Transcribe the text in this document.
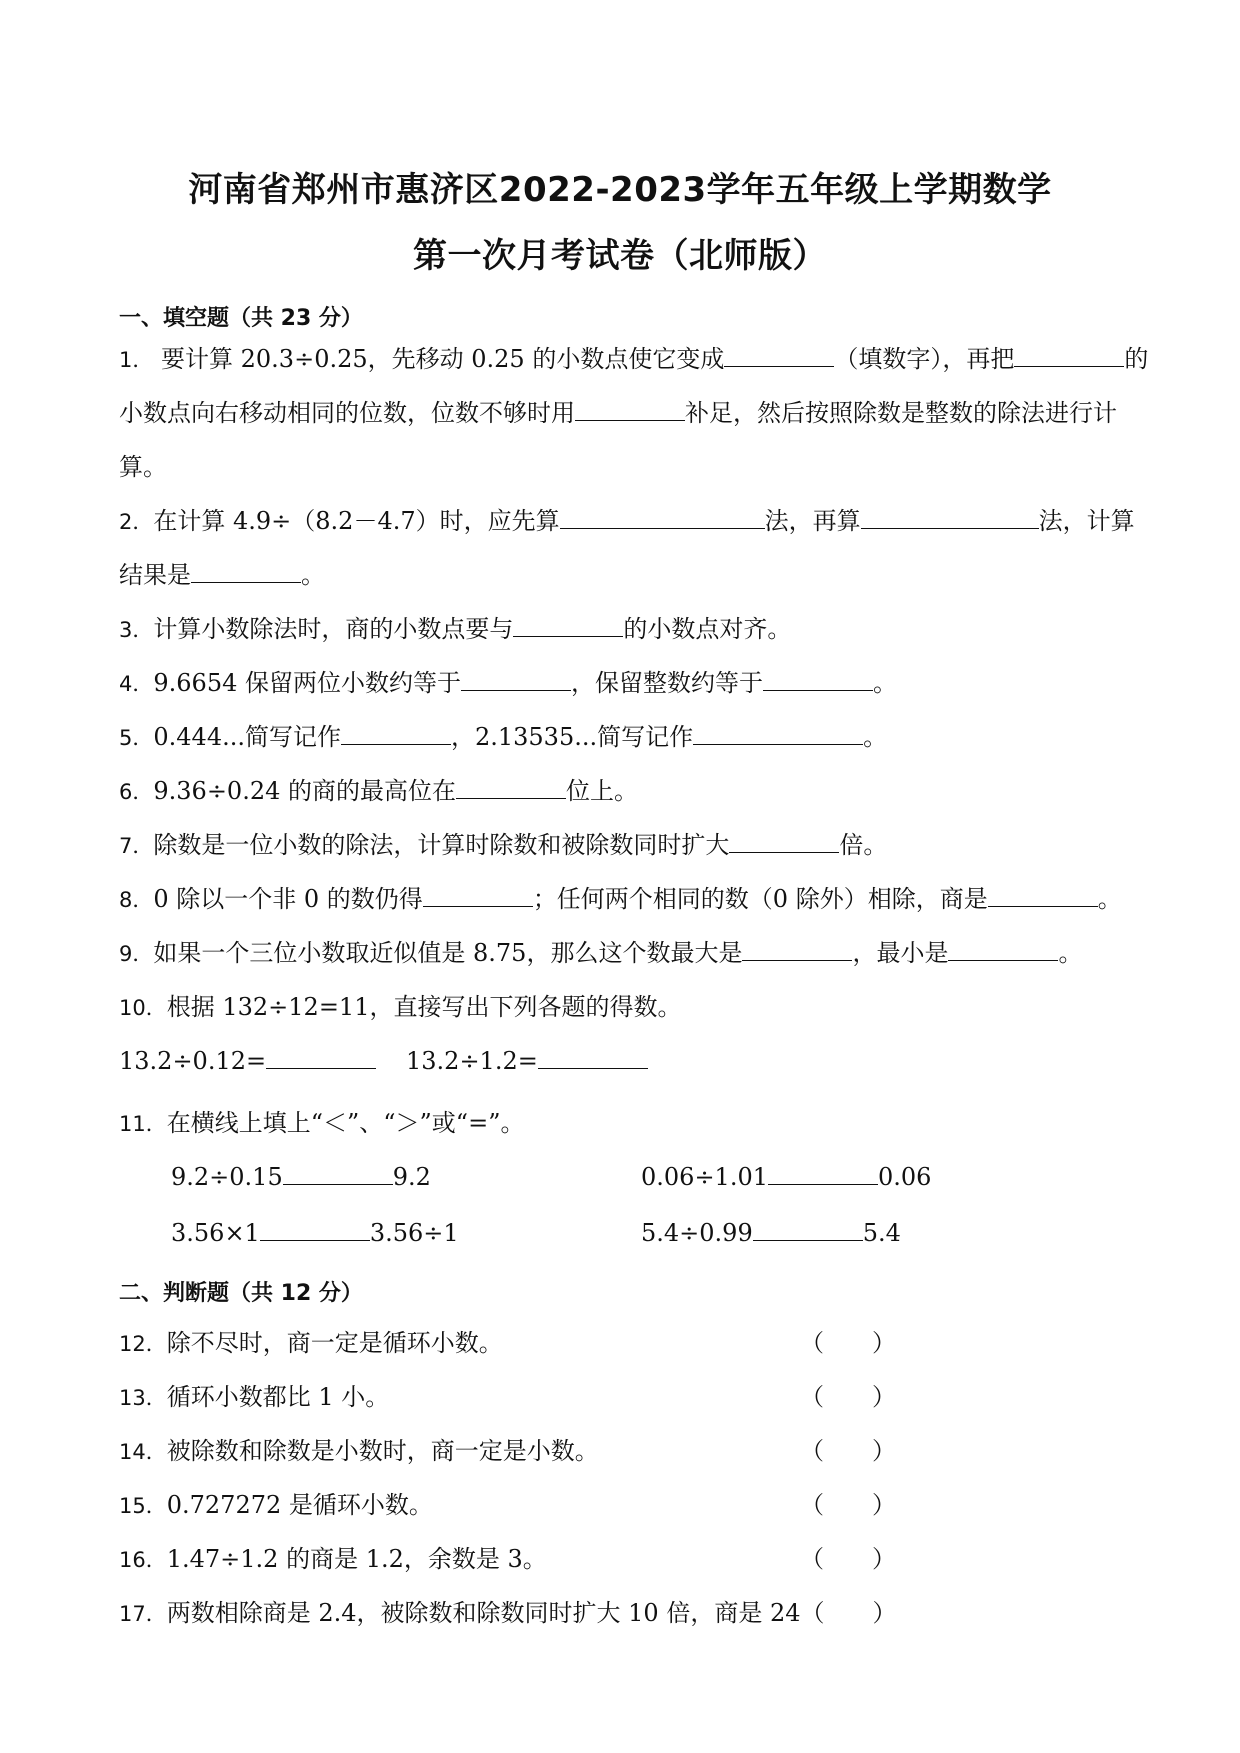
河南省郑州市惠济区2022-2023学年五年级上学期数学
第一次月考试卷（北师版）
一、填空题（共 23 分）
1． 要计算 20.3÷0.25，先移动 0.25 的小数点使它变成	（填数字），再把	的
小数点向右移动相同的位数，位数不够时用	补足，然后按照除数是整数的除法进行计
算。
2．在计算 4.9÷（8.2－4.7）时，应先算	法，再算	法，计算
结果是	。
3．计算小数除法时，商的小数点要与	的小数点对齐。
4．9.6654 保留两位小数约等于	，保留整数约等于	。
5．0.444...简写记作	，2.13535...简写记作	。
6．9.36÷0.24 的商的最高位在	位上。
7．除数是一位小数的除法，计算时除数和被除数同时扩大	倍。
8．0 除以一个非 0 的数仍得	；任何两个相同的数（0 除外）相除，商是	。
9．如果一个三位小数取近似值是 8.75，那么这个数最大是	，最小是	。
10．根据 132÷12=11，直接写出下列各题的得数。
13.2÷0.12=	13.2÷1.2=
11．在横线上填上“＜”、“＞”或“=”。
9.2÷0.15	9.2	0.06÷1.01	0.06
3.56×1	3.56÷1	5.4÷0.99	5.4
二、判断题（共 12 分）
12．除不尽时，商一定是循环小数。	（　　）
13．循环小数都比 1 小。	（　　）
14．被除数和除数是小数时，商一定是小数。	（　　）
15．0.727272 是循环小数。	（　　）
16．1.47÷1.2 的商是 1.2，余数是 3。	（　　）
17．两数相除商是 2.4，被除数和除数同时扩大 10 倍，商是 24（　　）
